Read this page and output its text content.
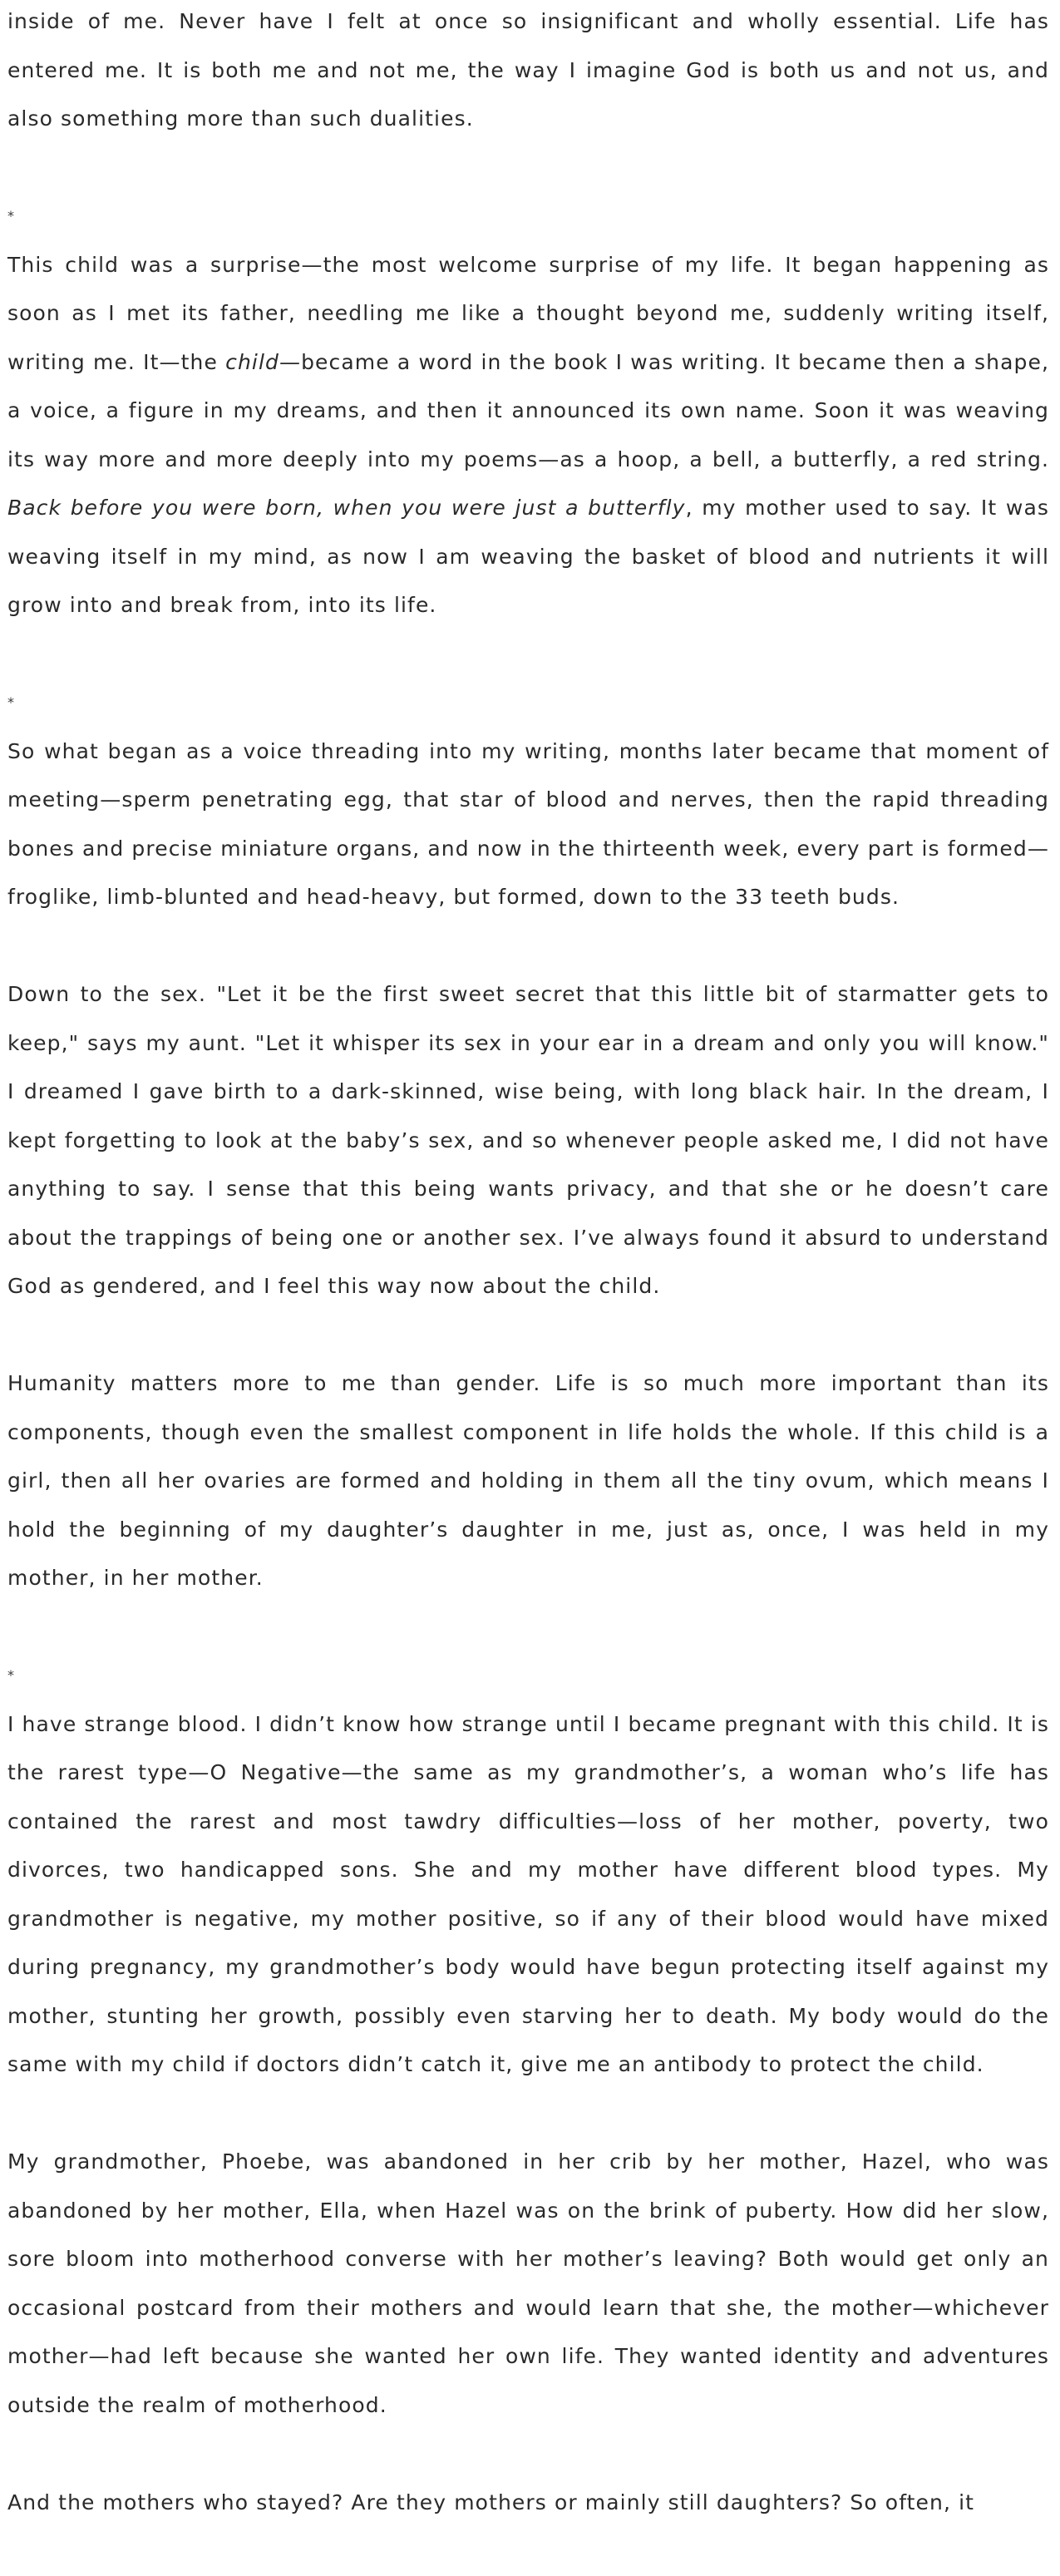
inside of me. Never have I felt at once so insignificant and wholly essential. Life has entered me. It is both me and not me, the way I imagine God is both us and not us, and also something more than such dualities.

*

This child was a surprise—the most welcome surprise of my life. It began happening as soon as I met its father, needling me like a thought beyond me, suddenly writing itself, writing me. It—the child—became a word in the book I was writing. It became then a shape, a voice, a figure in my dreams, and then it announced its own name. Soon it was weaving its way more and more deeply into my poems—as a hoop, a bell, a butterfly, a red string. Back before you were born, when you were just a butterfly, my mother used to say. It was weaving itself in my mind, as now I am weaving the basket of blood and nutrients it will grow into and break from, into its life.

*

So what began as a voice threading into my writing, months later became that moment of meeting—sperm penetrating egg, that star of blood and nerves, then the rapid threading bones and precise miniature organs, and now in the thirteenth week, every part is formed—froglike, limb-blunted and head-heavy, but formed, down to the 33 teeth buds.

Down to the sex. "Let it be the first sweet secret that this little bit of starmatter gets to keep," says my aunt. "Let it whisper its sex in your ear in a dream and only you will know." I dreamed I gave birth to a dark-skinned, wise being, with long black hair. In the dream, I kept forgetting to look at the baby’s sex, and so whenever people asked me, I did not have anything to say. I sense that this being wants privacy, and that she or he doesn’t care about the trappings of being one or another sex. I’ve always found it absurd to understand God as gendered, and I feel this way now about the child.

Humanity matters more to me than gender. Life is so much more important than its components, though even the smallest component in life holds the whole. If this child is a girl, then all her ovaries are formed and holding in them all the tiny ovum, which means I hold the beginning of my daughter’s daughter in me, just as, once, I was held in my mother, in her mother.

*

I have strange blood. I didn’t know how strange until I became pregnant with this child. It is the rarest type—O Negative—the same as my grandmother’s, a woman who’s life has contained the rarest and most tawdry difficulties—loss of her mother, poverty, two divorces, two handicapped sons. She and my mother have different blood types. My grandmother is negative, my mother positive, so if any of their blood would have mixed during pregnancy, my grandmother’s body would have begun protecting itself against my mother, stunting her growth, possibly even starving her to death. My body would do the same with my child if doctors didn’t catch it, give me an antibody to protect the child.

My grandmother, Phoebe, was abandoned in her crib by her mother, Hazel, who was abandoned by her mother, Ella, when Hazel was on the brink of puberty. How did her slow, sore bloom into motherhood converse with her mother’s leaving? Both would get only an occasional postcard from their mothers and would learn that she, the mother—whichever mother—had left because she wanted her own life. They wanted identity and adventures outside the realm of motherhood.

And the mothers who stayed? Are they mothers or mainly still daughters? So often, it
